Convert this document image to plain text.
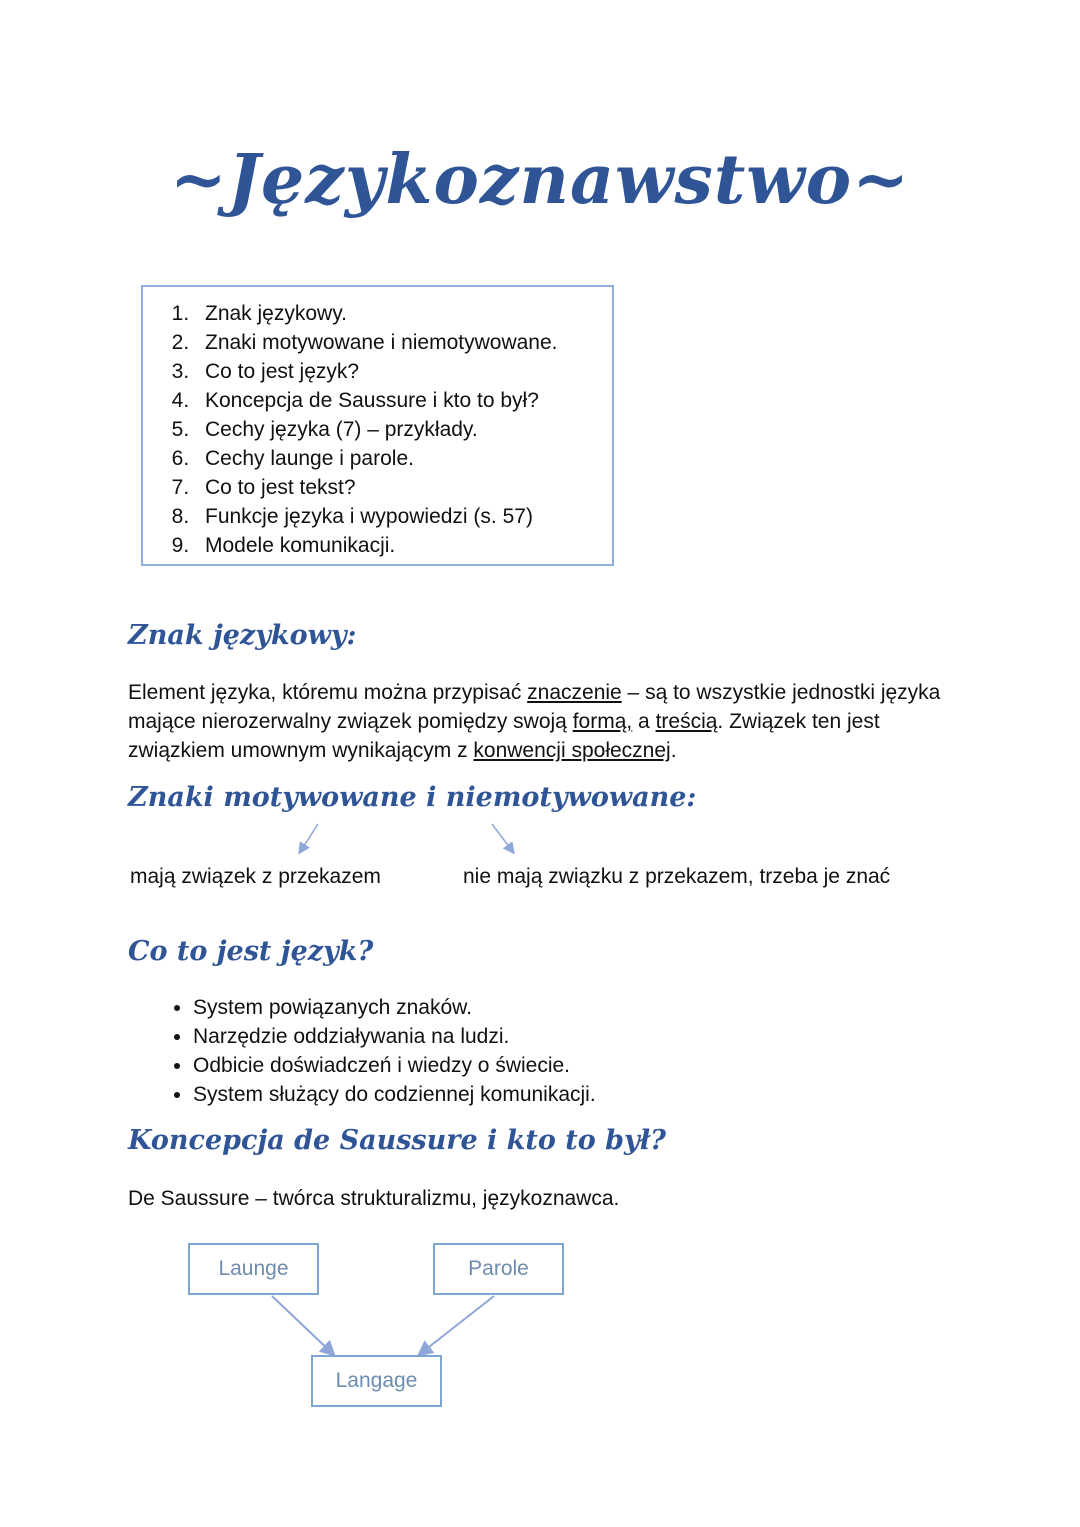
~Językoznawstwo~
1. Znak językowy.
2. Znaki motywowane i niemotywowane.
3. Co to jest język?
4. Koncepcja de Saussure i kto to był?
5. Cechy języka (7) – przykłady.
6. Cechy launge i parole.
7. Co to jest tekst?
8. Funkcje języka i wypowiedzi (s. 57)
9. Modele komunikacji.
Znak językowy:
Element języka, któremu można przypisać znaczenie – są to wszystkie jednostki języka mające nierozerwalny związek pomiędzy swoją formą, a treścią. Związek ten jest związkiem umownym wynikającym z konwencji społecznej.
Znaki motywowane i niemotywowane:
mają związek z przekazem	nie mają związku z przekazem, trzeba je znać
Co to jest język?
• System powiązanych znaków.
• Narzędzie oddziaływania na ludzi.
• Odbicie doświadczeń i wiedzy o świecie.
• System służący do codziennej komunikacji.
Koncepcja de Saussure i kto to był?
De Saussure – twórca strukturalizmu, językoznawca.
Launge	Parole
Langage
